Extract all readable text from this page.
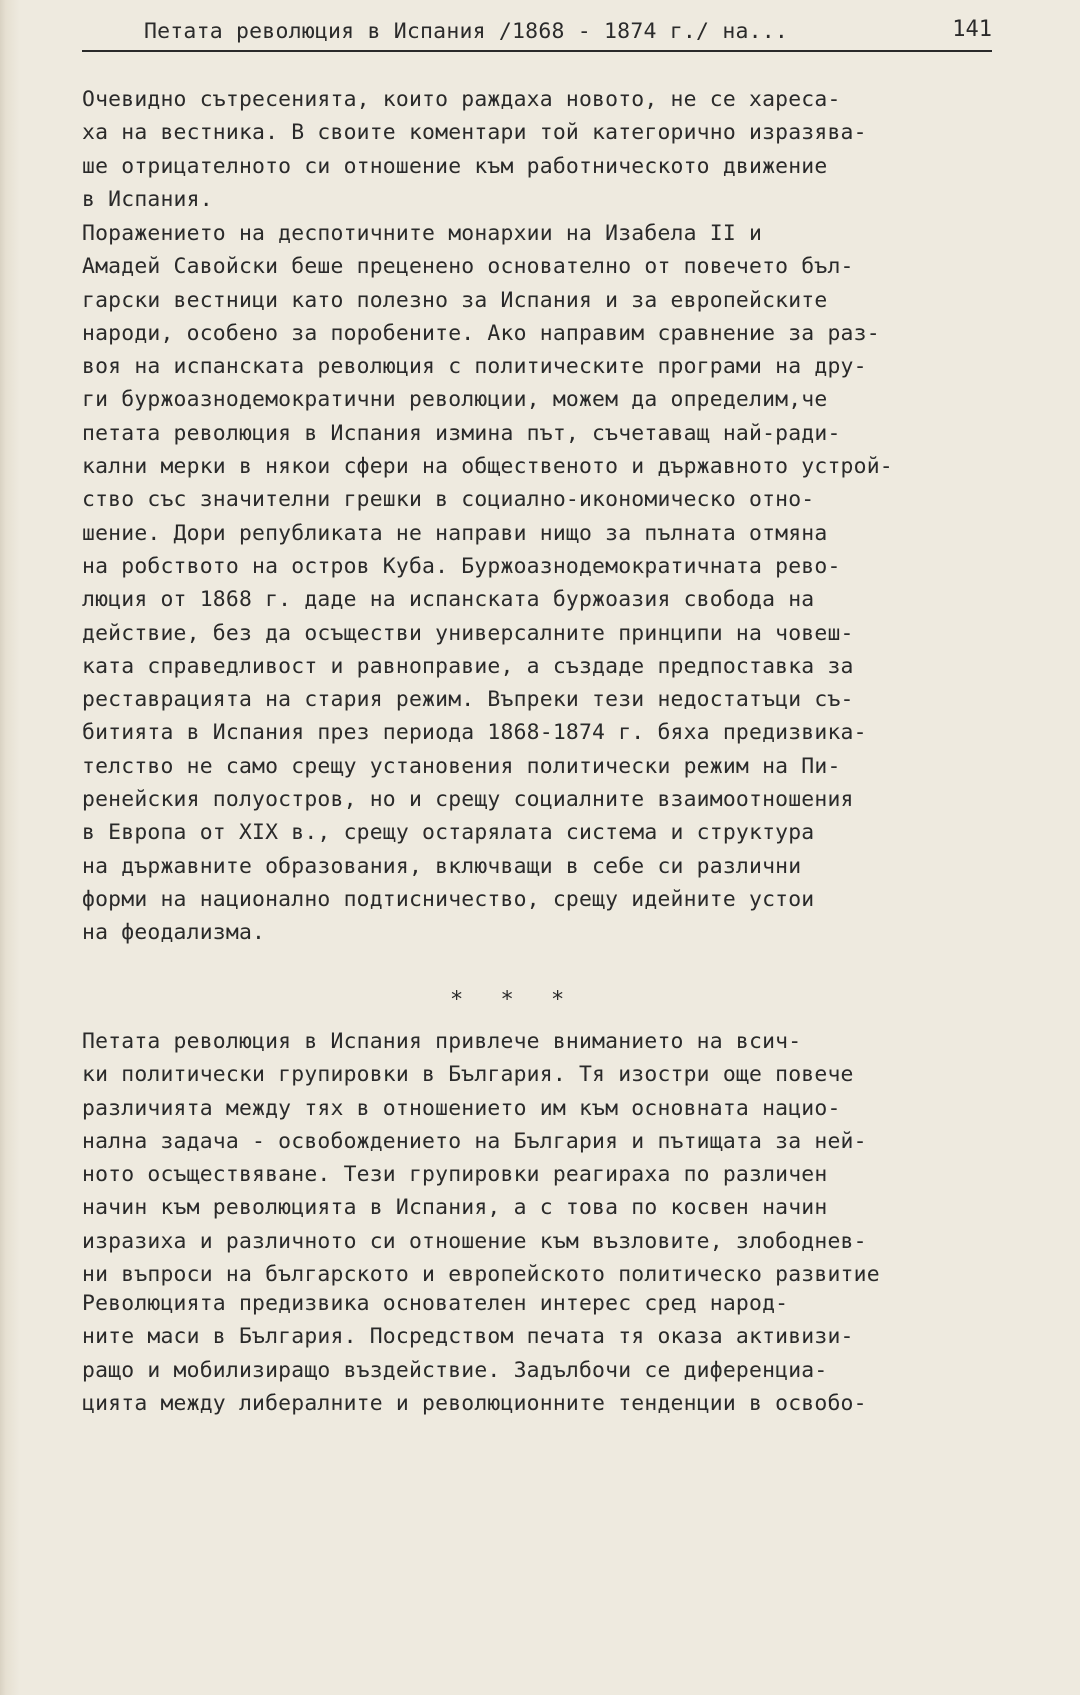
Петата революция в Испания /1868 - 1874 г./ на...	141
Очевидно сътресенията, които раждаха новото, не се хареса-
ха на вестника. В своите коментари той категорично изразява-
ше отрицателното си отношение към работническото движение
в Испания.
Поражението на деспотичните монархии на Изабела II и
Амадей Савойски беше преценено основателно от повечето бъл-
гарски вестници като полезно за Испания и за европейските
народи, особено за поробените. Ако направим сравнение за раз-
воя на испанската революция с политическите програми на дру-
ги буржоазнодемократични революции, можем да определим,че
петата революция в Испания измина път, съчетаващ най-ради-
кални мерки в някои сфери на общественото и държавното устрой-
ство със значителни грешки в социално-икономическо отно-
шение. Дори републиката не направи нищо за пълната отмяна
на робството на остров Куба. Буржоазнодемократичната рево-
люция от 1868 г. даде на испанската буржоазия свобода на
действие, без да осъществи универсалните принципи на човеш-
ката справедливост и равноправие, а създаде предпоставка за
реставрацията на стария режим. Въпреки тези недостатъци съ-
битията в Испания през периода 1868-1874 г. бяха предизвика-
телство не само срещу установения политически режим на Пи-
ренейския полуостров, но и срещу социалните взаимоотношения
в Европа от XIX в., срещу остарялата система и структура
на държавните образования, включващи в себе си различни
форми на национално подтисничество, срещу идейните устои
на феодализма.
∗ ∗ ∗
Петата революция в Испания привлече вниманието на всич-
ки политически групировки в България. Тя изостри още повече
различията между тях в отношението им към основната нацио-
нална задача - освобождението на България и пътищата за ней-
ното осъществяване. Тези групировки реагираха по различен
начин към революцията в Испания, а с това по косвен начин
изразиха и различното си отношение към възловите, злободнев-
ни въпроси на българското и европейското политическо развитие
Революцията предизвика основателен интерес сред народ-
ните маси в България. Посредством печата тя оказа активизи-
ращо и мобилизиращо въздействие. Задълбочи се диференциа-
цията между либералните и революционните тенденции в освобо-
